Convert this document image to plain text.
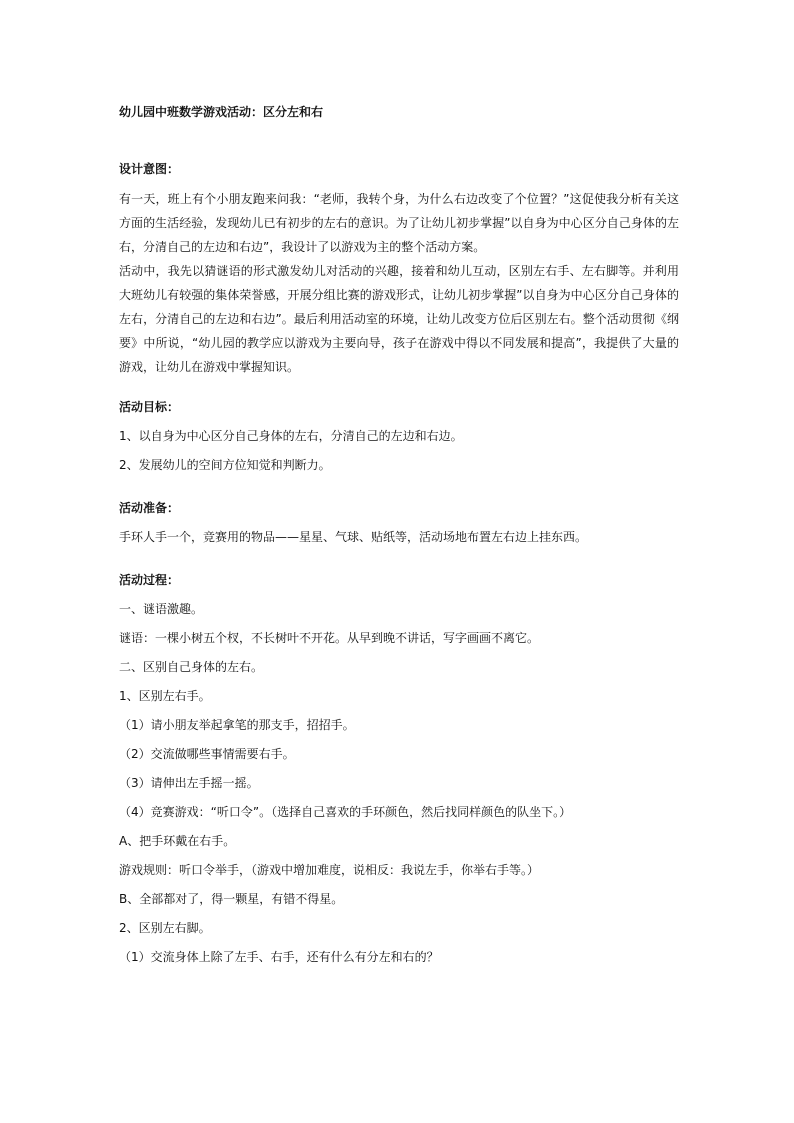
幼儿园中班数学游戏活动：区分左和右

设计意图：

有一天，班上有个小朋友跑来问我：“老师，我转个身，为什么右边改变了个位置？”这促使我分析有关这方面的生活经验，发现幼儿已有初步的左右的意识。为了让幼儿初步掌握”以自身为中心区分自己身体的左右，分清自己的左边和右边”，我设计了以游戏为主的整个活动方案。

活动中，我先以猜谜语的形式激发幼儿对活动的兴趣，接着和幼儿互动，区别左右手、左右脚等。并利用大班幼儿有较强的集体荣誉感，开展分组比赛的游戏形式，让幼儿初步掌握”以自身为中心区分自己身体的左右，分清自己的左边和右边”。最后利用活动室的环境，让幼儿改变方位后区别左右。整个活动贯彻《纲要》中所说，“幼儿园的教学应以游戏为主要向导，孩子在游戏中得以不同发展和提高”，我提供了大量的游戏，让幼儿在游戏中掌握知识。

活动目标：

1、以自身为中心区分自己身体的左右，分清自己的左边和右边。

2、发展幼儿的空间方位知觉和判断力。

活动准备：

手环人手一个，竞赛用的物品——星星、气球、贴纸等，活动场地布置左右边上挂东西。

活动过程：

一、谜语激趣。

谜语：一棵小树五个杈，不长树叶不开花。从早到晚不讲话，写字画画不离它。

二、区别自己身体的左右。

1、区别左右手。

（1）请小朋友举起拿笔的那支手，招招手。

（2）交流做哪些事情需要右手。

（3）请伸出左手摇一摇。

（4）竞赛游戏：“听口令”。（选择自己喜欢的手环颜色，然后找同样颜色的队坐下。）

A、把手环戴在右手。

游戏规则：听口令举手，（游戏中增加难度，说相反：我说左手，你举右手等。）

B、全部都对了，得一颗星，有错不得星。

2、区别左右脚。

（1）交流身体上除了左手、右手，还有什么有分左和右的？
